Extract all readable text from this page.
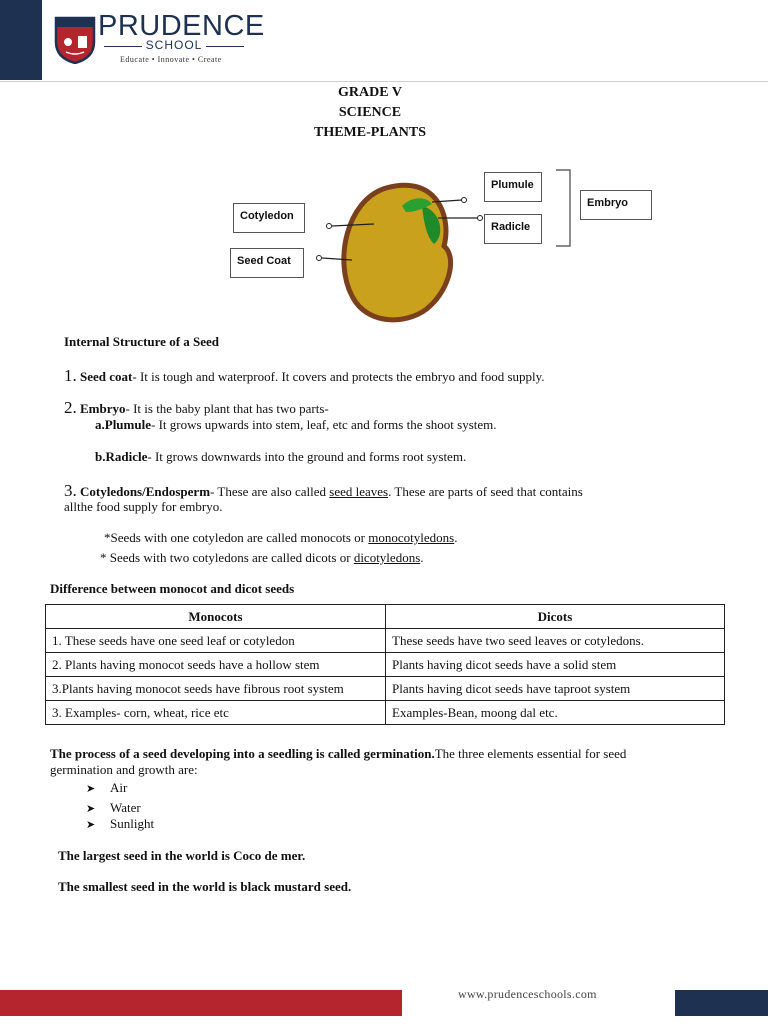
PRUDENCE
SCHOOL
Educate • Innovate • Create
GRADE V
SCIENCE
THEME-PLANTS
Cotyledon
Seed Coat
Plumule
Radicle
Embryo
Internal Structure of a Seed
1. Seed coat- It is tough and waterproof. It covers and protects the embryo and food supply.
2. Embryo- It is the baby plant that has two parts-
a.Plumule- It grows upwards into stem, leaf, etc and forms the shoot system.
b.Radicle- It grows downwards into the ground and forms root system.
3. Cotyledons/Endosperm- These are also called seed leaves. These are parts of seed that contains
allthe food supply for embryo.
*Seeds with one cotyledon are called monocots or monocotyledons.
* Seeds with two cotyledons are called dicots or dicotyledons.
Difference between monocot and dicot seeds
Monocots	Dicots
1. These seeds have one seed leaf or cotyledon	These seeds have two seed leaves or cotyledons.
2. Plants having monocot seeds have a hollow stem	Plants having dicot seeds have a solid stem
3.Plants having monocot seeds have fibrous root system	Plants having dicot seeds have taproot system
3. Examples- corn, wheat, rice etc	Examples-Bean, moong dal etc.
The process of a seed developing into a seedling is called germination.The three elements essential for seed
germination and growth are:
➤ Air
➤ Water
➤ Sunlight
The largest seed in the world is Coco de mer.
The smallest seed in the world is black mustard seed.
www.prudenceschools.com
